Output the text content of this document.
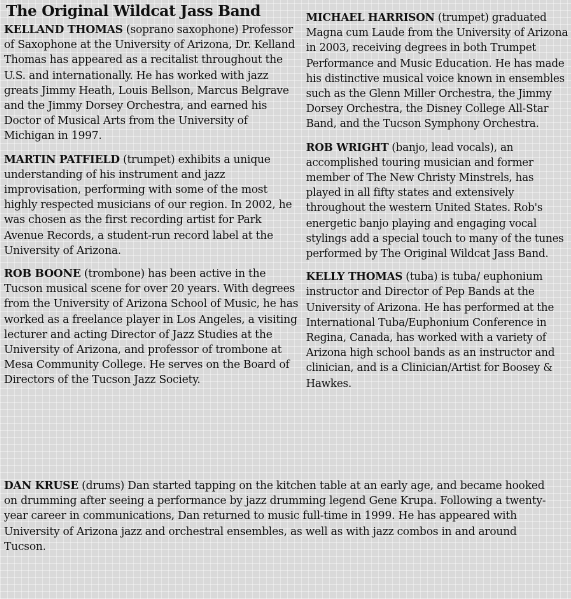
The Original Wildcat Jass Band

KELLAND THOMAS (soprano saxophone) Professor of Saxophone at the University of Arizona, Dr. Kelland Thomas has appeared as a recitalist throughout the U.S. and internationally. He has worked with jazz greats Jimmy Heath, Louis Bellson, Marcus Belgrave and the Jimmy Dorsey Orchestra, and earned his Doctor of Musical Arts from the University of Michigan in 1997.

MARTIN PATFIELD (trumpet) exhibits a unique understanding of his instrument and jazz improvisation, performing with some of the most highly respected musicians of our region. In 2002, he was chosen as the first recording artist for Park Avenue Records, a student-run record label at the University of Arizona.

ROB BOONE (trombone) has been active in the Tucson musical scene for over 20 years. With degrees from the University of Arizona School of Music, he has worked as a freelance player in Los Angeles, a visiting lecturer and acting Director of Jazz Studies at the University of Arizona, and professor of trombone at Mesa Community College. He serves on the Board of Directors of the Tucson Jazz Society.

MICHAEL HARRISON (trumpet) graduated Magna cum Laude from the University of Arizona in 2003, receiving degrees in both Trumpet Performance and Music Education. He has made his distinctive musical voice known in ensembles such as the Glenn Miller Orchestra, the Jimmy Dorsey Orchestra, the Disney College All-Star Band, and the Tucson Symphony Orchestra.

ROB WRIGHT (banjo, lead vocals), an accomplished touring musician and former member of The New Christy Minstrels, has played in all fifty states and extensively throughout the western United States. Rob's energetic banjo playing and engaging vocal stylings add a special touch to many of the tunes performed by The Original Wildcat Jass Band.

KELLY THOMAS (tuba) is tuba/ euphonium instructor and Director of Pep Bands at the University of Arizona. He has performed at the International Tuba/Euphonium Conference in Regina, Canada, has worked with a variety of Arizona high school bands as an instructor and clinician, and is a Clinician/Artist for Boosey & Hawkes.

DAN KRUSE (drums) Dan started tapping on the kitchen table at an early age, and became hooked on drumming after seeing a performance by jazz drumming legend Gene Krupa. Following a twenty-year career in communications, Dan returned to music full-time in 1999. He has appeared with University of Arizona jazz and orchestral ensembles, as well as with jazz combos in and around Tucson.
